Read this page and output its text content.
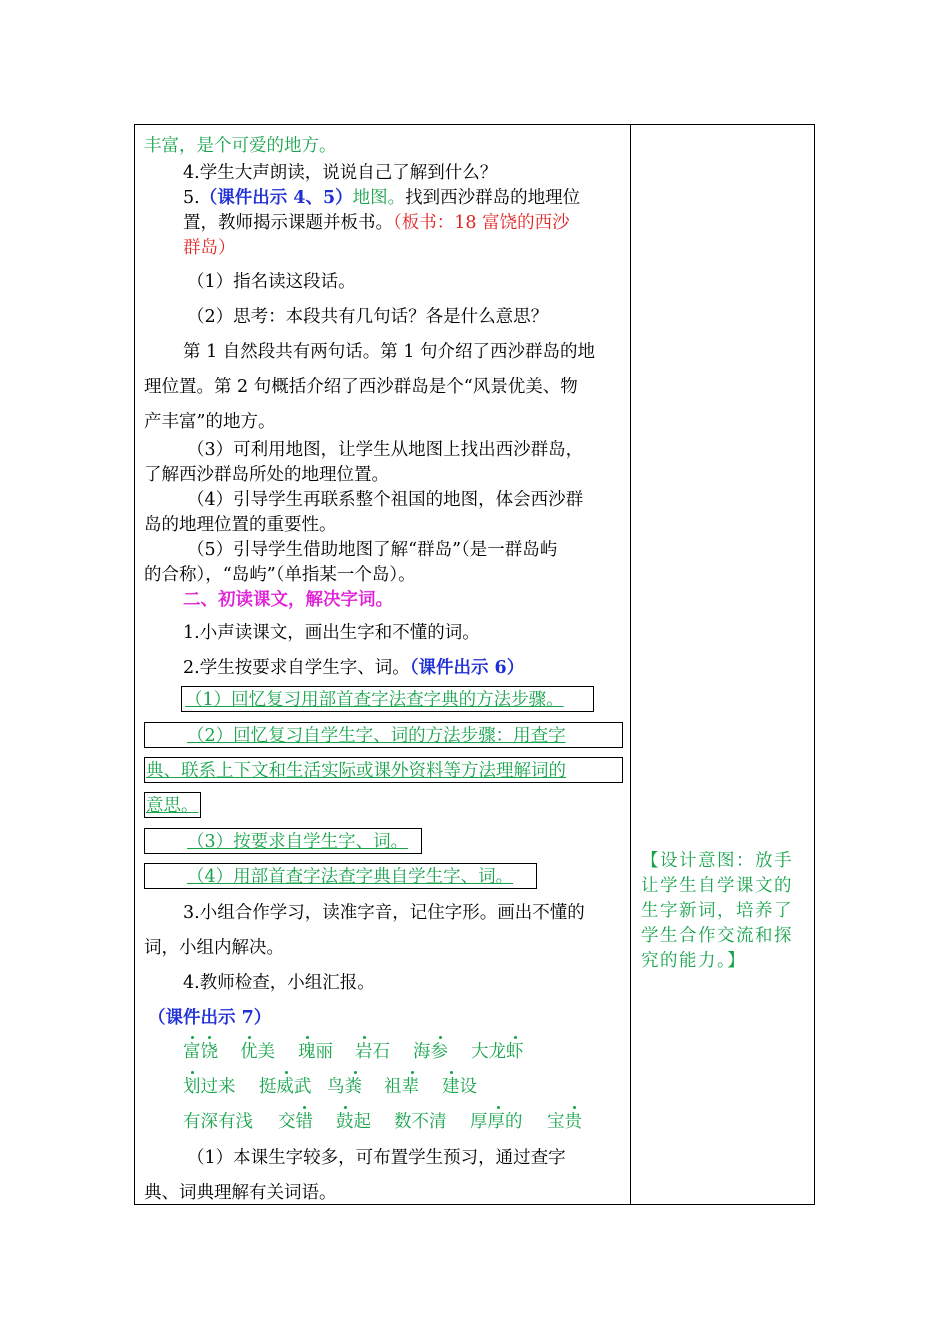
丰富，是个可爱的地方。
4.学生大声朗读，说说自己了解到什么？
5.（课件出示 4、5）地图。找到西沙群岛的地理位
置，教师揭示课题并板书。（板书：18 富饶的西沙
群岛）
（1）指名读这段话。
（2）思考：本段共有几句话？各是什么意思？
第 1 自然段共有两句话。第 1 句介绍了西沙群岛的地
理位置。第 2 句概括介绍了西沙群岛是个“风景优美、物
产丰富”的地方。
（3）可利用地图，让学生从地图上找出西沙群岛，
了解西沙群岛所处的地理位置。
（4）引导学生再联系整个祖国的地图，体会西沙群
岛的地理位置的重要性。
（5）引导学生借助地图了解“群岛”（是一群岛屿
的合称），“岛屿”（单指某一个岛）。
二、初读课文，解决字词。
1.小声读课文，画出生字和不懂的词。
2.学生按要求自学生字、词。（课件出示 6）
（1）回忆复习用部首查字法查字典的方法步骤。
（2）回忆复习自学生字、词的方法步骤：用查字
典、联系上下文和生活实际或课外资料等方法理解词的
意思。
（3）按要求自学生字、词。
（4）用部首查字法查字典自学生字、词。
3.小组合作学习，读准字音，记住字形。画出不懂的
词，小组内解决。
4.教师检查，小组汇报。
（课件出示 7）
富饶 优美 瑰丽 岩石 海参 大龙虾
划过来 挺威武 鸟粪 祖辈 建设
有深有浅 交错 鼓起 数不清 厚厚的 宝贵
（1）本课生字较多，可布置学生预习，通过查字
典、词典理解有关词语。
【设计意图：放手
让学生自学课文的
生字新词，培养了
学生合作交流和探
究的能力。】
